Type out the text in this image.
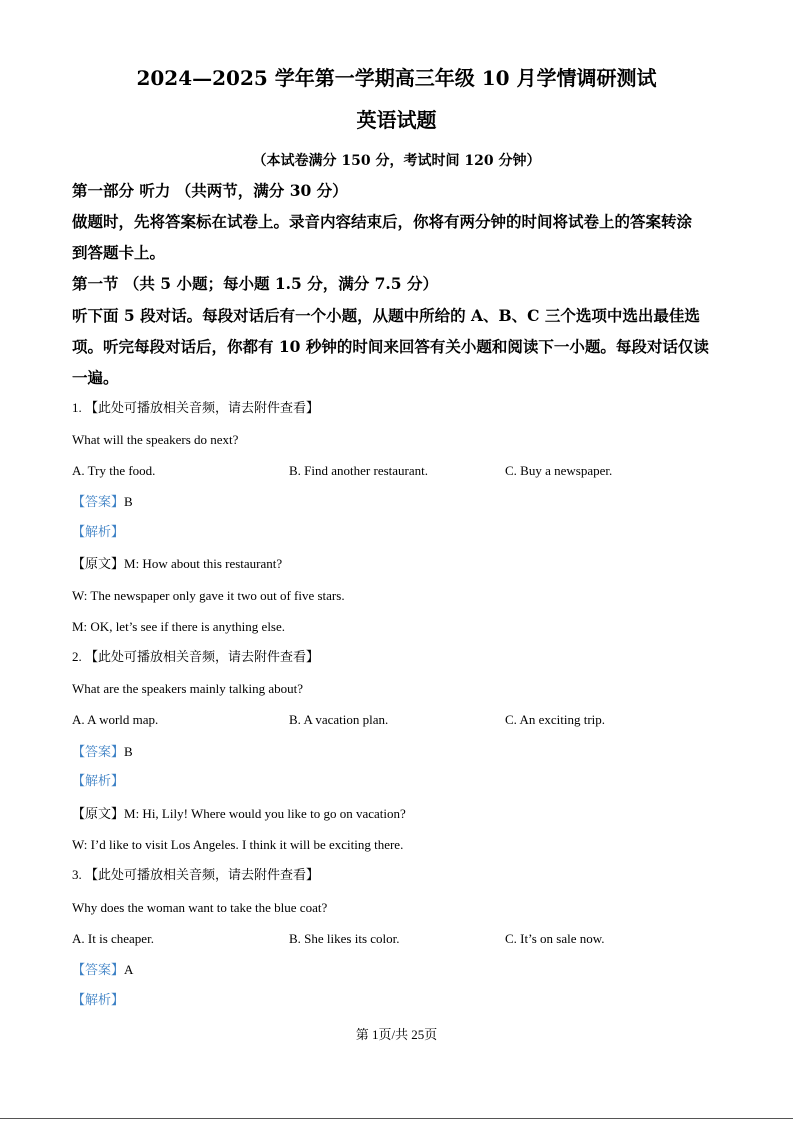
2024—2025 学年第一学期高三年级 10 月学情调研测试
英语试题
（本试卷满分 150 分，考试时间 120 分钟）
第一部分 听力 （共两节，满分 30 分）
做题时，先将答案标在试卷上。录音内容结束后，你将有两分钟的时间将试卷上的答案转涂
到答题卡上。
第一节 （共 5 小题；每小题 1.5 分，满分 7.5 分）
听下面 5 段对话。每段对话后有一个小题，从题中所给的 A、B、C 三个选项中选出最佳选
项。听完每段对话后，你都有 10 秒钟的时间来回答有关小题和阅读下一小题。每段对话仅读
一遍。
1. 【此处可播放相关音频，请去附件查看】
What will the speakers do next?
A. Try the food.	B. Find another restaurant.	C. Buy a newspaper.
【答案】B
【解析】
【原文】M: How about this restaurant?
W: The newspaper only gave it two out of five stars.
M: OK, let’s see if there is anything else.
2. 【此处可播放相关音频，请去附件查看】
What are the speakers mainly talking about?
A. A world map.	B. A vacation plan.	C. An exciting trip.
【答案】B
【解析】
【原文】M: Hi, Lily! Where would you like to go on vacation?
W: I’d like to visit Los Angeles. I think it will be exciting there.
3. 【此处可播放相关音频，请去附件查看】
Why does the woman want to take the blue coat?
A. It is cheaper.	B. She likes its color.	C. It’s on sale now.
【答案】A
【解析】
第 1页/共 25页
